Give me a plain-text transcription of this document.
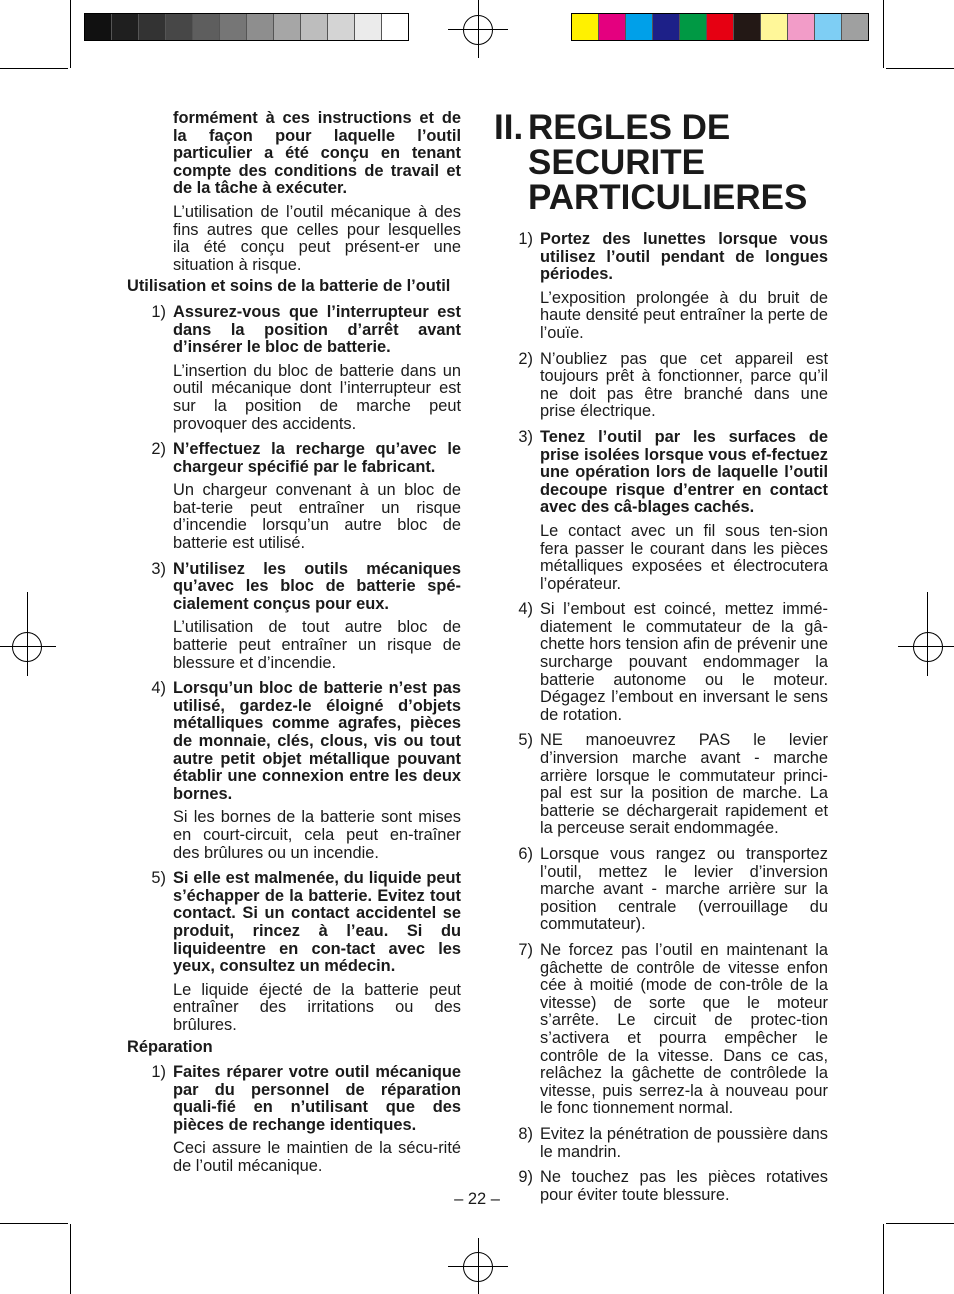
formément à ces instructions et de la façon pour laquelle l’outil particulier a été conçu en tenant compte des conditions de travail et de la tâche à exécuter.

L’utilisation de l’outil mécanique à des fins autres que celles pour lesquelles ila été conçu peut présent-er une situation à risque.

Utilisation et soins de la batterie de l’outil

1) Assurez-vous que l’interrupteur est dans la position d’arrêt avant d’insérer le bloc de batterie.
L’insertion du bloc de batterie dans un outil mécanique dont l’interrupteur est sur la position de marche peut provoquer des accidents.
2) N’effectuez la recharge qu’avec le chargeur spécifié par le fabricant.
Un chargeur convenant à un bloc de bat-terie peut entraîner un risque d’incendie lorsqu’un autre bloc de batterie est utilisé.
3) N’utilisez les outils mécaniques qu’avec les bloc de batterie spé-cialement conçus pour eux.
L’utilisation de tout autre bloc de batterie peut entraîner un risque de blessure et d’incendie.
4) Lorsqu’un bloc de batterie n’est pas utilisé, gardez-le éloigné d’objets métalliques comme agrafes, pièces de monnaie, clés, clous, vis ou tout autre petit objet métallique pouvant établir une connexion entre les deux bornes.
Si les bornes de la batterie sont mises en court-circuit, cela peut en-traîner des brûlures ou un incendie.
5) Si elle est malmenée, du liquide peut s’échapper de la batterie. Evitez tout contact. Si un contact accidentel se produit, rincez à l’eau. Si du liquideentre en con-tact avec les yeux, consultez un médecin.
Le liquide éjecté de la batterie peut entraîner des irritations ou des brûlures.

Réparation

1) Faites réparer votre outil mécanique par du personnel de réparation quali-fié en n’utilisant que des pièces de rechange identiques.
Ceci assure le maintien de la sécu-rité de l’outil mécanique.
II. REGLES DE SECURITE PARTICULIERES
1) Portez des lunettes lorsque vous utilisez l’outil pendant de longues périodes.
L’exposition prolongée à du bruit de haute densité peut entraîner la perte de l’ouïe.
2) N’oubliez pas que cet appareil est toujours prêt à fonctionner, parce qu’il ne doit pas être branché dans une prise électrique.
3) Tenez l’outil par les surfaces de prise isolées lorsque vous ef-fectuez une opération lors de laquelle l’outil decoupe risque d’entrer en contact avec des câ-blages cachés.
Le contact avec un fil sous ten-sion fera passer le courant dans les pièces métalliques exposées et électrocutera l’opérateur.
4) Si l’embout est coincé, mettez immé-diatement le commutateur de la gâ-chette hors tension afin de prévenir une surcharge pouvant endommager la batterie autonome ou le moteur. Dégagez l’embout en inversant le sens de rotation.
5) NE manoeuvrez PAS le levier d’inversion marche avant - marche arrière lorsque le commutateur princi-pal est sur la position de marche. La batterie se déchargerait rapidement et la perceuse serait endommagée.
6) Lorsque vous rangez ou transportez l’outil, mettez le levier d’inversion marche avant - marche arrière sur la position centrale (verrouillage du commutateur).
7) Ne forcez pas l’outil en maintenant la gâchette de contrôle de vitesse enfon cée à moitié (mode de con-trôle de la vitesse) de sorte que le moteur s’arrête. Le circuit de protec-tion s’activera et pourra empêcher le contrôle de la vitesse. Dans ce cas, relâchez la gâchette de contrôlede la vitesse, puis serrez-la à nouveau pour le fonc tionnement normal.
8) Evitez la pénétration de poussière dans le mandrin.
9) Ne touchez pas les pièces rotatives pour éviter toute blessure.
– 22 –
